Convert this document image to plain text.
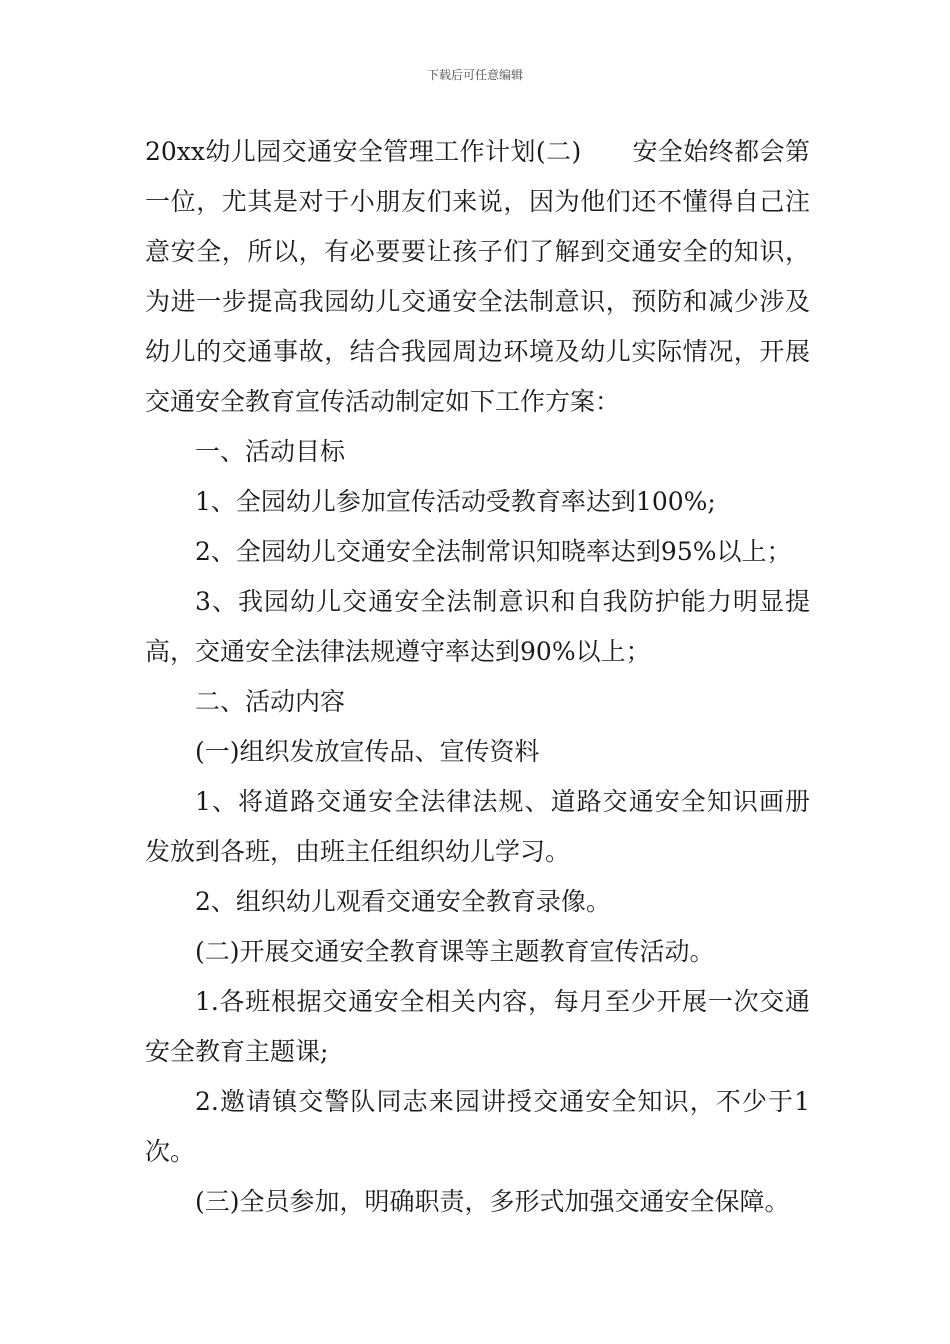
下载后可任意编辑

20xx幼儿园交通安全管理工作计划(二)　　安全始终都会第一位，尤其是对于小朋友们来说，因为他们还不懂得自己注意安全，所以，有必要要让孩子们了解到交通安全的知识，为进一步提高我园幼儿交通安全法制意识，预防和减少涉及幼儿的交通事故，结合我园周边环境及幼儿实际情况，开展交通安全教育宣传活动制定如下工作方案：

一、活动目标

1、全园幼儿参加宣传活动受教育率达到100%;

2、全园幼儿交通安全法制常识知晓率达到95%以上；

3、我园幼儿交通安全法制意识和自我防护能力明显提高，交通安全法律法规遵守率达到90%以上；

二、活动内容

(一)组织发放宣传品、宣传资料

1、将道路交通安全法律法规、道路交通安全知识画册发放到各班，由班主任组织幼儿学习。

2、组织幼儿观看交通安全教育录像。

(二)开展交通安全教育课等主题教育宣传活动。

1.各班根据交通安全相关内容，每月至少开展一次交通安全教育主题课;

2.邀请镇交警队同志来园讲授交通安全知识，不少于1次。

(三)全员参加，明确职责，多形式加强交通安全保障。
